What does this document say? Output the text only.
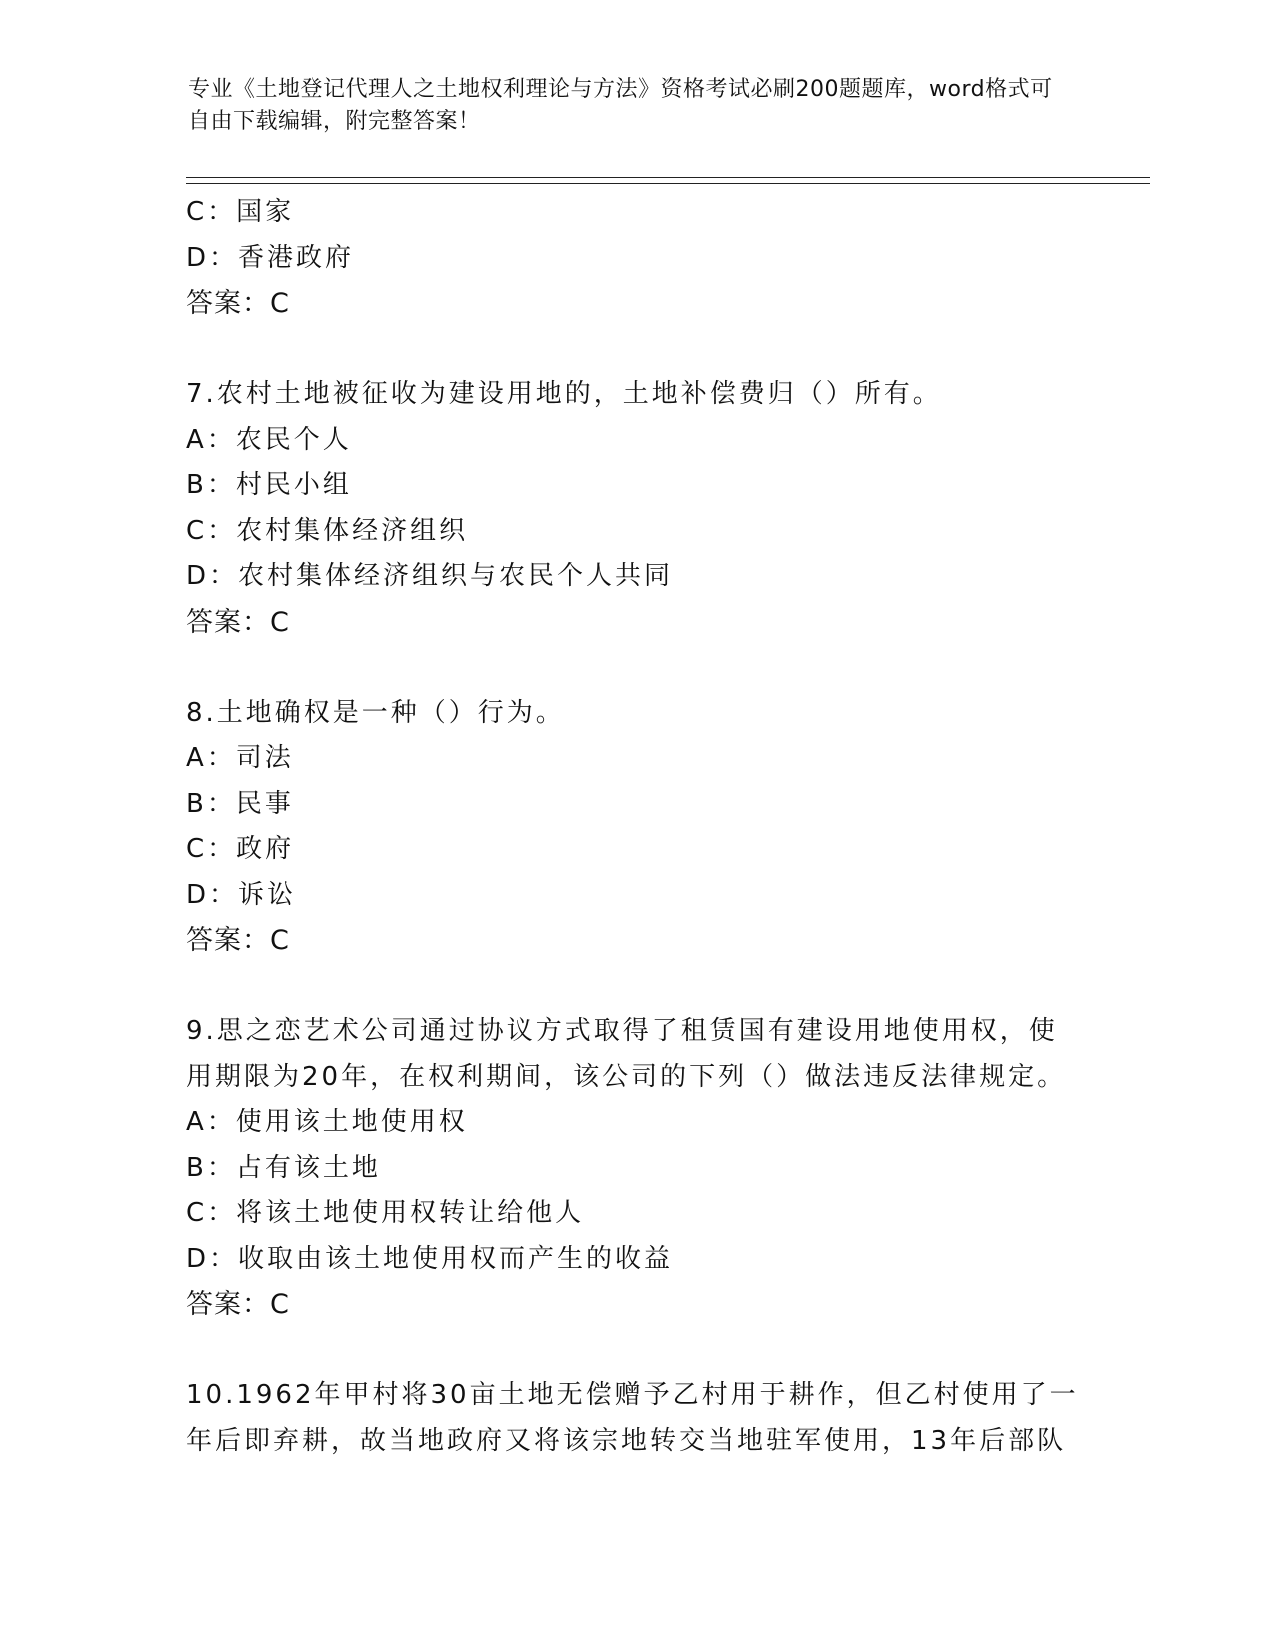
专业《土地登记代理人之土地权利理论与方法》资格考试必刷200题题库，word格式可自由下载编辑，附完整答案！
C：国家
D：香港政府
答案：C
7.农村土地被征收为建设用地的，土地补偿费归（）所有。
A：农民个人
B：村民小组
C：农村集体经济组织
D：农村集体经济组织与农民个人共同
答案：C
8.土地确权是一种（）行为。
A：司法
B：民事
C：政府
D：诉讼
答案：C
9.思之恋艺术公司通过协议方式取得了租赁国有建设用地使用权，使
用期限为20年，在权利期间，该公司的下列（）做法违反法律规定。
A：使用该土地使用权
B：占有该土地
C：将该土地使用权转让给他人
D：收取由该土地使用权而产生的收益
答案：C
10.1962年甲村将30亩土地无偿赠予乙村用于耕作，但乙村使用了一
年后即弃耕，故当地政府又将该宗地转交当地驻军使用，13年后部队
